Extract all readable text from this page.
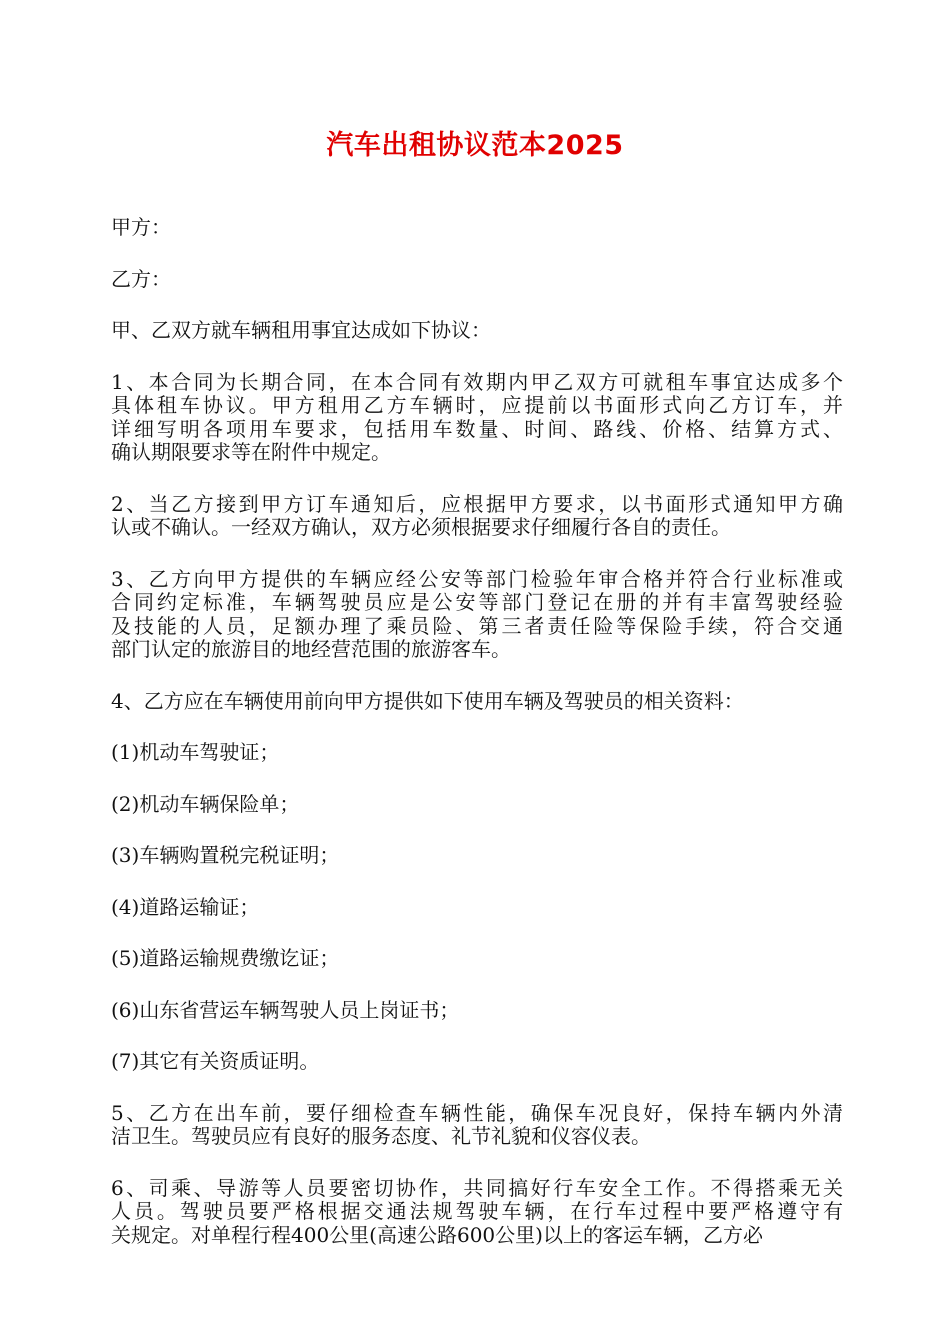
汽车出租协议范本2025
甲方：
乙方：
甲、乙双方就车辆租用事宜达成如下协议：
1、本合同为长期合同，在本合同有效期内甲乙双方可就租车事宜达成多个
具体租车协议。甲方租用乙方车辆时，应提前以书面形式向乙方订车，并
详细写明各项用车要求，包括用车数量、时间、路线、价格、结算方式、
确认期限要求等在附件中规定。
2、当乙方接到甲方订车通知后，应根据甲方要求，以书面形式通知甲方确
认或不确认。一经双方确认，双方必须根据要求仔细履行各自的责任。
3、乙方向甲方提供的车辆应经公安等部门检验年审合格并符合行业标准或
合同约定标准，车辆驾驶员应是公安等部门登记在册的并有丰富驾驶经验
及技能的人员，足额办理了乘员险、第三者责任险等保险手续，符合交通
部门认定的旅游目的地经营范围的旅游客车。
4、乙方应在车辆使用前向甲方提供如下使用车辆及驾驶员的相关资料：
(1)机动车驾驶证；
(2)机动车辆保险单；
(3)车辆购置税完税证明；
(4)道路运输证；
(5)道路运输规费缴讫证；
(6)山东省营运车辆驾驶人员上岗证书；
(7)其它有关资质证明。
5、乙方在出车前，要仔细检查车辆性能，确保车况良好，保持车辆内外清
洁卫生。驾驶员应有良好的服务态度、礼节礼貌和仪容仪表。
6、司乘、导游等人员要密切协作，共同搞好行车安全工作。不得搭乘无关
人员。驾驶员要严格根据交通法规驾驶车辆，在行车过程中要严格遵守有
关规定。对单程行程400公里(高速公路600公里)以上的客运车辆，乙方必
